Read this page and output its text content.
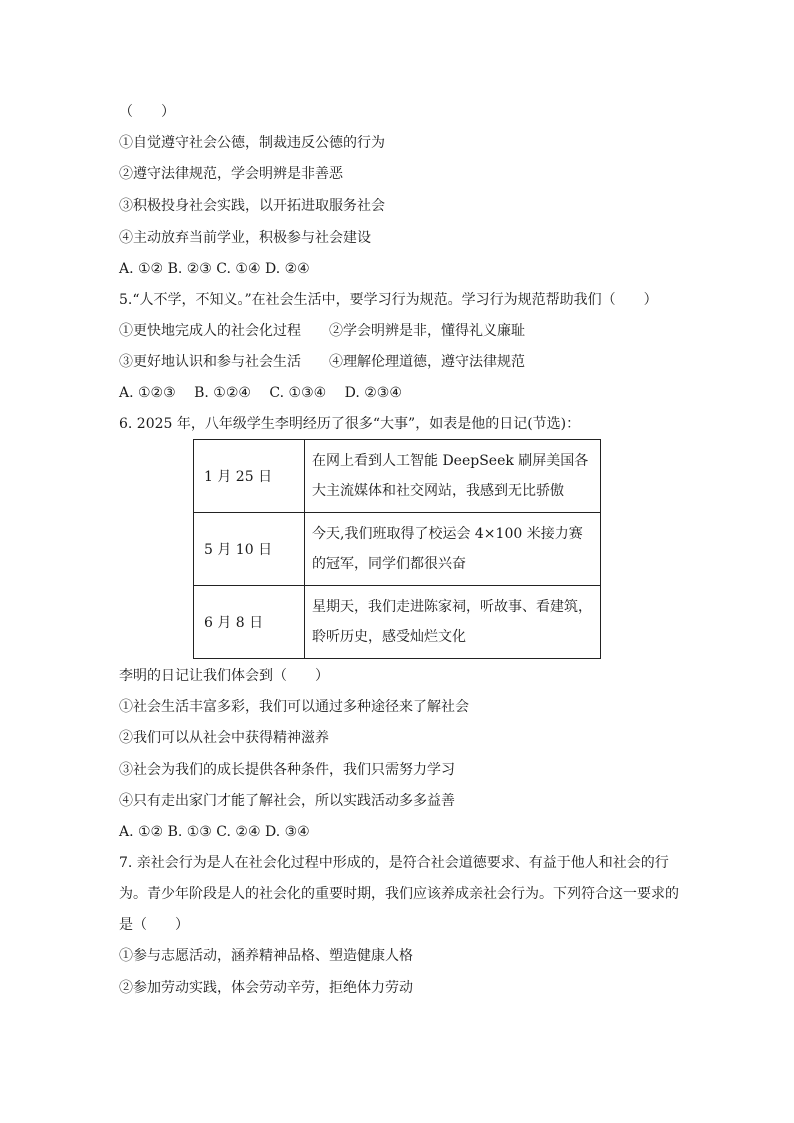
（　　）
①自觉遵守社会公德，制裁违反公德的行为
②遵守法律规范，学会明辨是非善恶
③积极投身社会实践，以开拓进取服务社会
④主动放弃当前学业，积极参与社会建设
A. ①② B. ②③ C. ①④ D. ②④
5.“人不学，不知义。”在社会生活中，要学习行为规范。学习行为规范帮助我们（　　）
①更快地完成人的社会化过程　　②学会明辨是非，懂得礼义廉耻
③更好地认识和参与社会生活　　④理解伦理道德，遵守法律规范
A. ①②③　 B. ①②④　 C. ①③④　 D. ②③④
6. 2025 年，八年级学生李明经历了很多“大事”，如表是他的日记(节选)：
1 月 25 日	在网上看到人工智能 DeepSeek 刷屏美国各大主流媒体和社交网站，我感到无比骄傲
5 月 10 日	今天,我们班取得了校运会 4×100 米接力赛的冠军，同学们都很兴奋
6 月 8 日	星期天，我们走进陈家祠，听故事、看建筑，聆听历史，感受灿烂文化
李明的日记让我们体会到（　　）
①社会生活丰富多彩，我们可以通过多种途径来了解社会
②我们可以从社会中获得精神滋养
③社会为我们的成长提供各种条件，我们只需努力学习
④只有走出家门才能了解社会，所以实践活动多多益善
A. ①② B. ①③ C. ②④ D. ③④
7. 亲社会行为是人在社会化过程中形成的，是符合社会道德要求、有益于他人和社会的行
为。青少年阶段是人的社会化的重要时期，我们应该养成亲社会行为。下列符合这一要求的
是（　　）
①参与志愿活动，涵养精神品格、塑造健康人格
②参加劳动实践，体会劳动辛劳，拒绝体力劳动
